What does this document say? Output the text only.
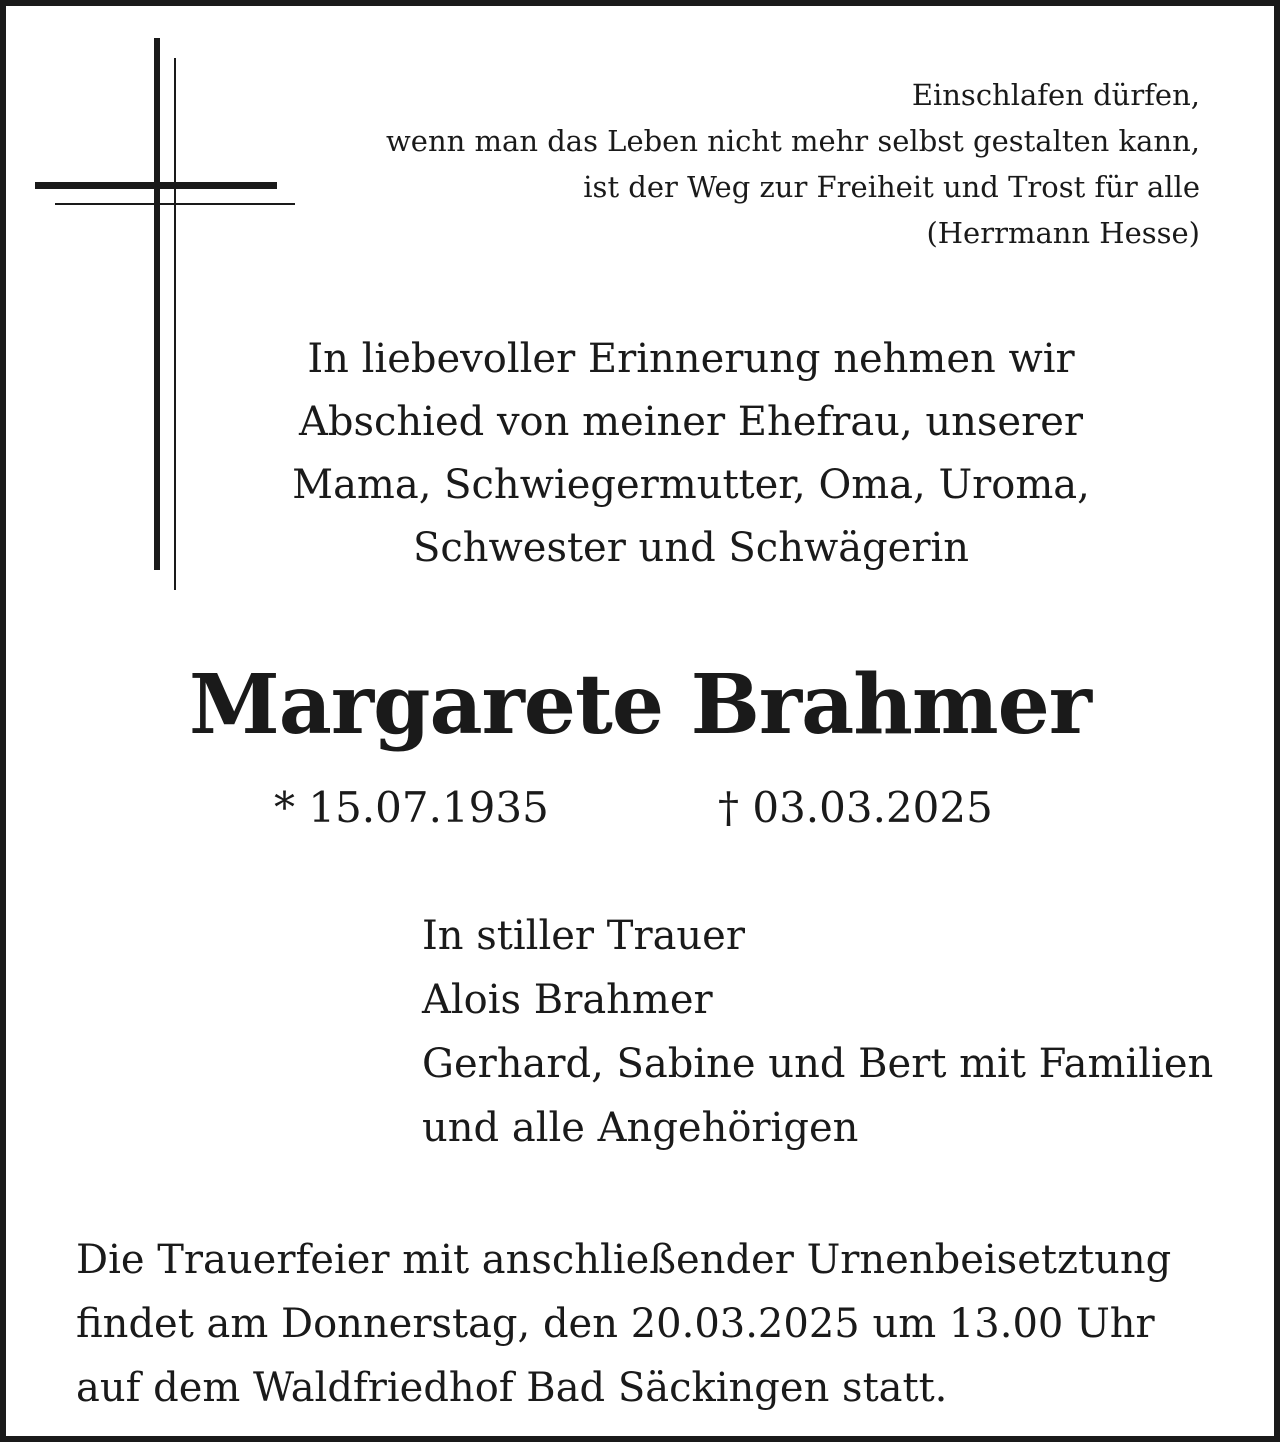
Einschlafen dürfen,
wenn man das Leben nicht mehr selbst gestalten kann,
ist der Weg zur Freiheit und Trost für alle
(Herrmann Hesse)
In liebevoller Erinnerung nehmen wir
Abschied von meiner Ehefrau, unserer
Mama, Schwiegermutter, Oma, Uroma,
Schwester und Schwägerin
Margarete Brahmer
* 15.07.1935	† 03.03.2025
In stiller Trauer
Alois Brahmer
Gerhard, Sabine und Bert mit Familien
und alle Angehörigen
Die Trauerfeier mit anschließender Urnenbeisetztung
findet am Donnerstag, den 20.03.2025 um 13.00 Uhr
auf dem Waldfriedhof Bad Säckingen statt.
